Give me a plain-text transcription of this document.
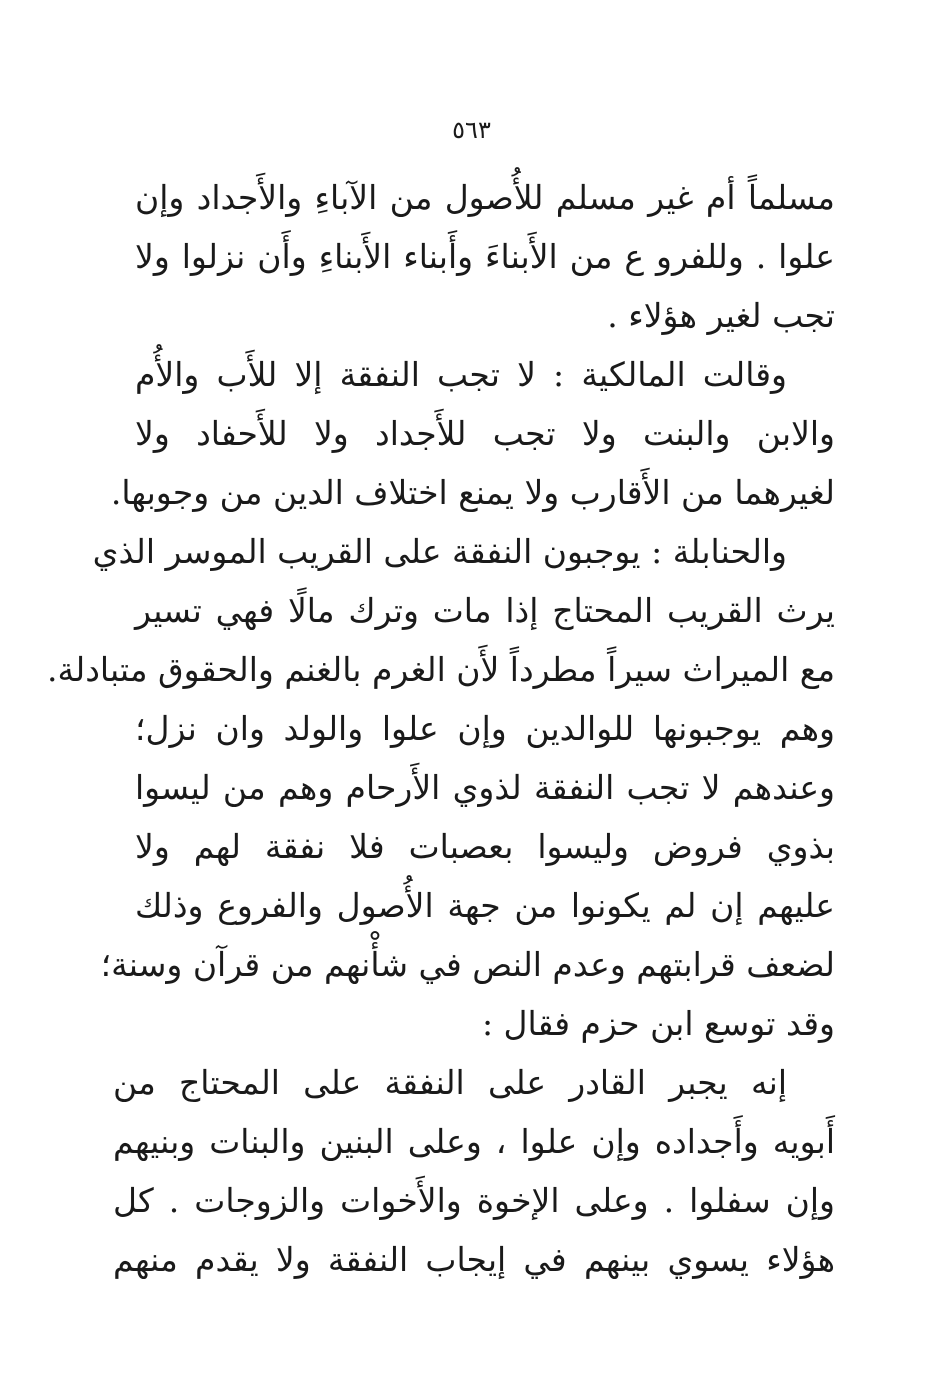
٥٦٣
مسلماً أم غير مسلم للأُصول من الآباءِ والأَجداد وإن
علوا . وللفرو ع من الأَبناءَ وأَبناء الأَبناءِ وأَن نزلوا ولا
تجب لغير هؤلاء .
وقالت المالكية : لا تجب النفقة إلا للأَب والأُم
والابن والبنت ولا تجب للأَجداد ولا للأَحفاد ولا
لغيرهما من الأَقارب ولا يمنع اختلاف الدين من وجوبها.
والحنابلة : يوجبون النفقة على القريب الموسر الذي
يرث القريب المحتاج إذا مات وترك مالًا فهي تسير
مع الميراث سيراً مطرداً لأَن الغرم بالغنم والحقوق متبادلة.
وهم يوجبونها للوالدين وإن علوا والولد وان نزل؛
وعندهم لا تجب النفقة لذوي الأَرحام وهم من ليسوا
بذوي فروض وليسوا بعصبات فلا نفقة لهم ولا
عليهم إن لم يكونوا من جهة الأُصول والفروع وذلك
لضعف قرابتهم وعدم النص في شأْنهم من قرآن وسنة؛
وقد توسع ابن حزم فقال :
إنه يجبر القادر على النفقة على المحتاج من
أَبويه وأَجداده وإن علوا ، وعلى البنين والبنات وبنيهم
وإن سفلوا . وعلى الإخوة والأَخوات والزوجات . كل
هؤلاء يسوي بينهم في إيجاب النفقة ولا يقدم منهم
